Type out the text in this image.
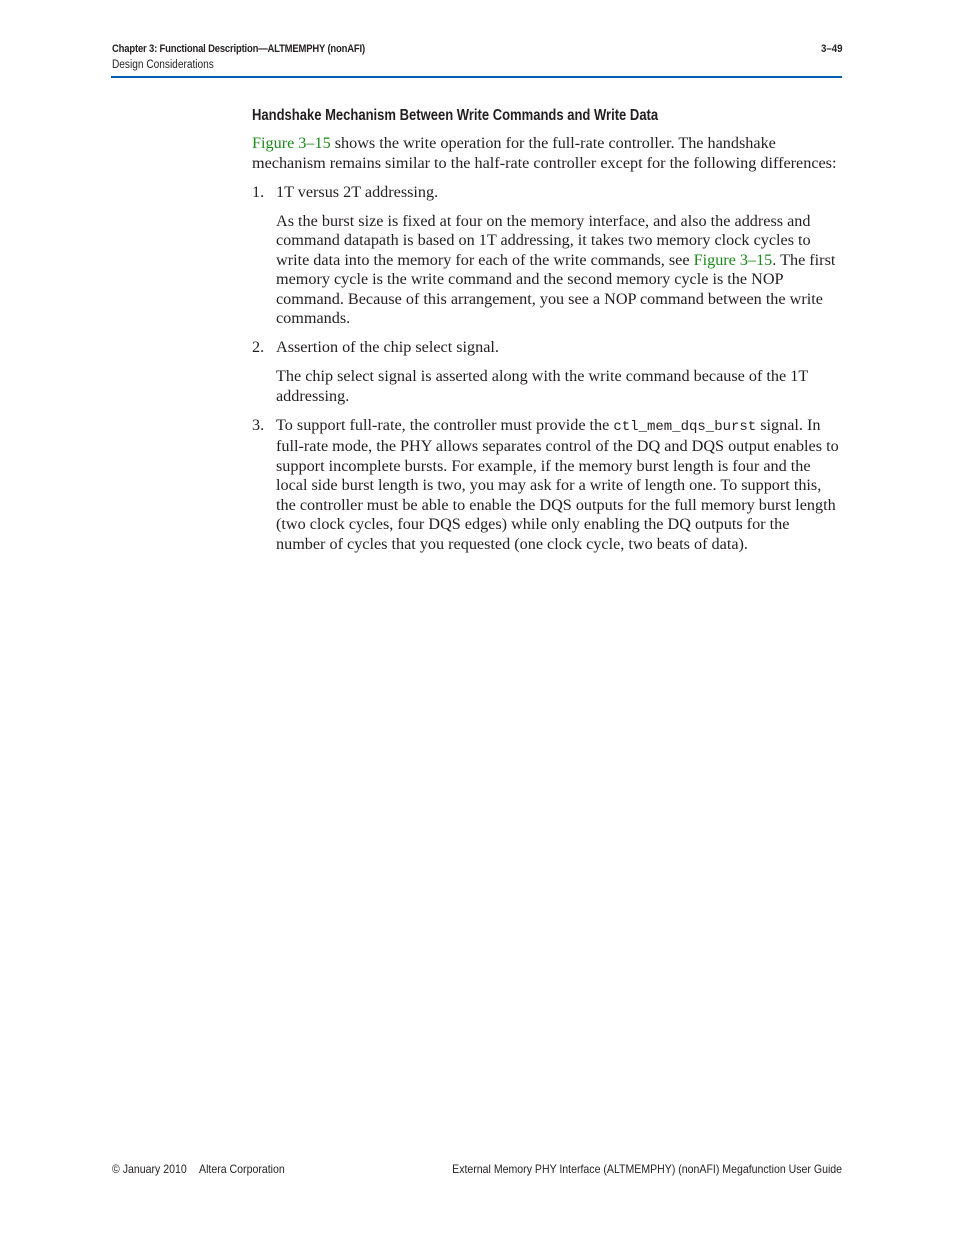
Chapter 3: Functional Description—ALTMEMPHY (nonAFI)
Design Considerations
3–49
Handshake Mechanism Between Write Commands and Write Data

Figure 3–15 shows the write operation for the full-rate controller. The handshake mechanism remains similar to the half-rate controller except for the following differences:

1. 1T versus 2T addressing.

As the burst size is fixed at four on the memory interface, and also the address and command datapath is based on 1T addressing, it takes two memory clock cycles to write data into the memory for each of the write commands, see Figure 3–15. The first memory cycle is the write command and the second memory cycle is the NOP command. Because of this arrangement, you see a NOP command between the write commands.

2. Assertion of the chip select signal.

The chip select signal is asserted along with the write command because of the 1T addressing.

3. To support full-rate, the controller must provide the ctl_mem_dqs_burst signal. In full-rate mode, the PHY allows separates control of the DQ and DQS output enables to support incomplete bursts. For example, if the memory burst length is four and the local side burst length is two, you may ask for a write of length one. To support this, the controller must be able to enable the DQS outputs for the full memory burst length (two clock cycles, four DQS edges) while only enabling the DQ outputs for the number of cycles that you requested (one clock cycle, two beats of data).

© January 2010 Altera Corporation	External Memory PHY Interface (ALTMEMPHY) (nonAFI) Megafunction User Guide
